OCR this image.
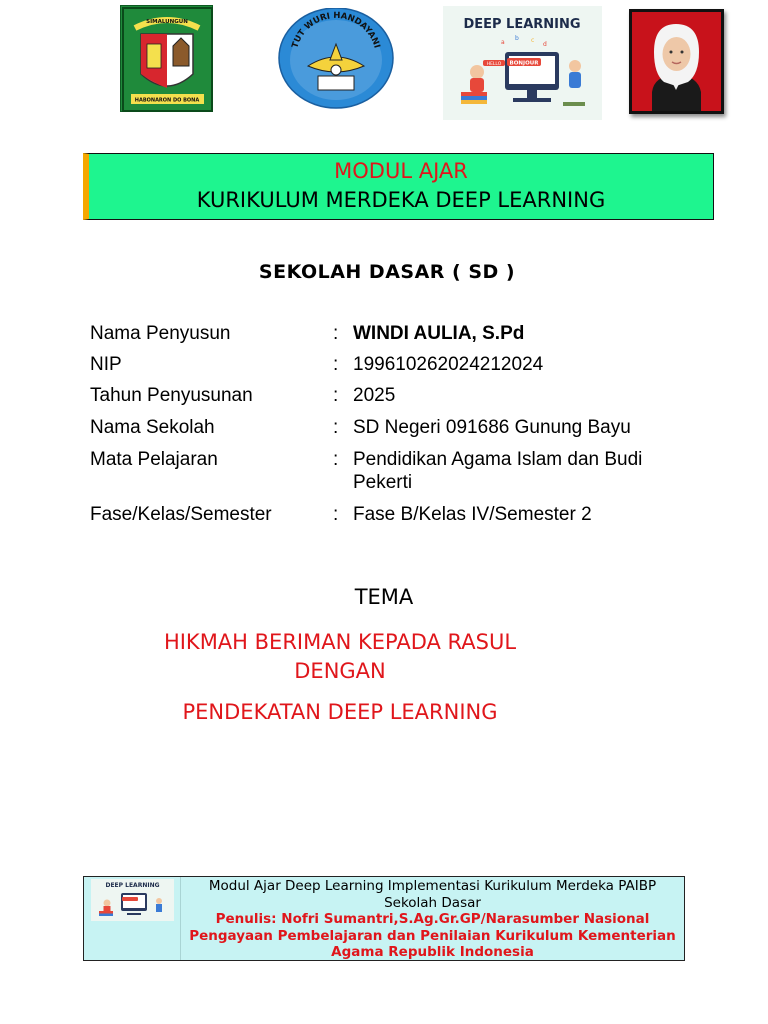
SIMALUNGUN
HABONARON DO BONA
TUT WURI HANDAYANI
DEEP LEARNING
BONJOUR
HELLO
a
b c
d
MODUL AJAR
KURIKULUM MERDEKA DEEP LEARNING
SEKOLAH DASAR ( SD )
Nama Penyusun	: WINDI AULIA, S.Pd
NIP	: 199610262024212024
Tahun Penyusunan	: 2025
Nama Sekolah	: SD Negeri 091686 Gunung Bayu
Mata Pelajaran	: Pendidikan Agama Islam dan Budi Pekerti
Fase/Kelas/Semester	: Fase B/Kelas IV/Semester 2
TEMA
HIKMAH BERIMAN KEPADA RASUL DENGAN
PENDEKATAN DEEP LEARNING
DEEP LEARNING	Modul Ajar Deep Learning Implementasi Kurikulum Merdeka PAIBP Sekolah Dasar
Penulis: Nofri Sumantri,S.Ag.Gr.GP/Narasumber Nasional Pengayaan Pembelajaran dan Penilaian Kurikulum Kementerian Agama Republik Indonesia
